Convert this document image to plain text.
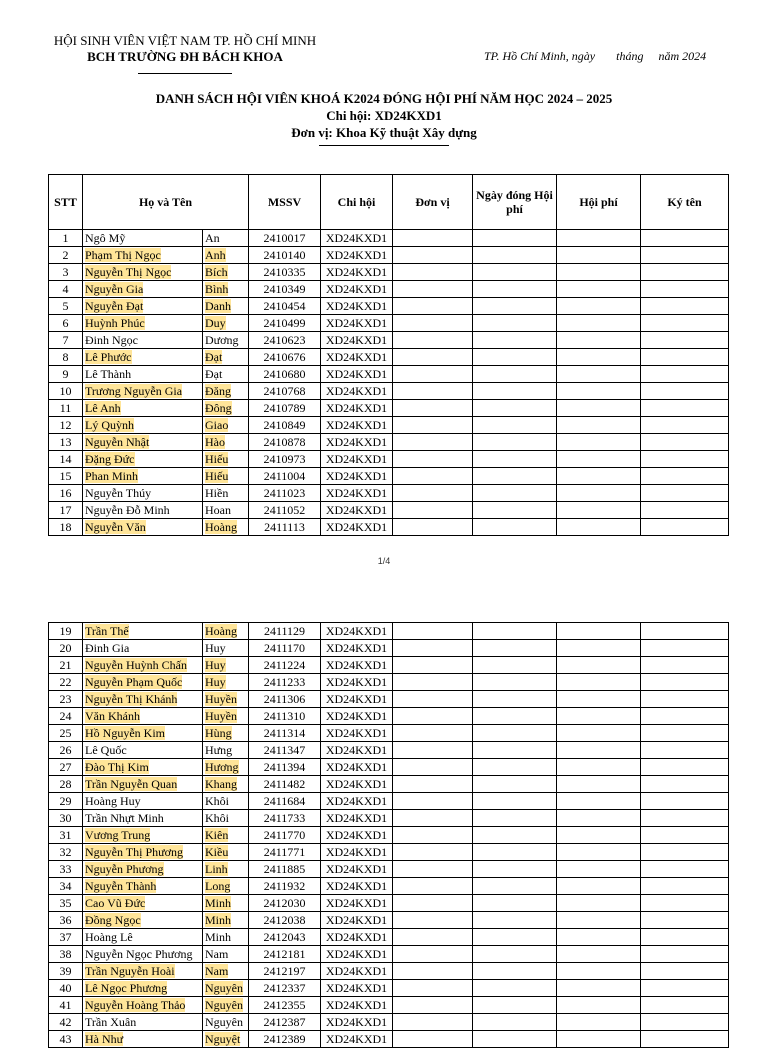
HỘI SINH VIÊN VIỆT NAM TP. HỒ CHÍ MINH
BCH TRƯỜNG ĐH BÁCH KHOA	TP. Hồ Chí Minh, ngày       tháng     năm 2024
DANH SÁCH HỘI VIÊN KHOÁ K2024 ĐÓNG HỘI PHÍ NĂM HỌC 2024 – 2025
Chi hội: XD24KXD1
Đơn vị: Khoa Kỹ thuật Xây dựng
STT	Họ và Tên		MSSV	Chi hội	Đơn vị	Ngày đóng Hội phí	Hội phí	Ký tên
1	Ngô Mỹ	An	2410017	XD24KXD1				
2	Phạm Thị Ngọc	Anh	2410140	XD24KXD1				
3	Nguyễn Thị Ngọc	Bích	2410335	XD24KXD1				
4	Nguyễn Gia	Bình	2410349	XD24KXD1				
5	Nguyễn Đạt	Danh	2410454	XD24KXD1				
6	Huỳnh Phúc	Duy	2410499	XD24KXD1				
7	Đinh Ngọc	Dương	2410623	XD24KXD1				
8	Lê Phước	Đạt	2410676	XD24KXD1				
9	Lê Thành	Đạt	2410680	XD24KXD1				
10	Trương Nguyễn Gia	Đăng	2410768	XD24KXD1				
11	Lê Anh	Đông	2410789	XD24KXD1				
12	Lý Quỳnh	Giao	2410849	XD24KXD1				
13	Nguyễn Nhật	Hào	2410878	XD24KXD1				
14	Đặng Đức	Hiếu	2410973	XD24KXD1				
15	Phan Minh	Hiếu	2411004	XD24KXD1				
16	Nguyễn Thúy	Hiền	2411023	XD24KXD1				
17	Nguyễn Đỗ Minh	Hoan	2411052	XD24KXD1				
18	Nguyễn Văn	Hoàng	2411113	XD24KXD1				
1/4
19	Trần Thế	Hoàng	2411129	XD24KXD1				
20	Đinh Gia	Huy	2411170	XD24KXD1				
21	Nguyễn Huỳnh Chấn	Huy	2411224	XD24KXD1				
22	Nguyễn Phạm Quốc	Huy	2411233	XD24KXD1				
23	Nguyễn Thị Khánh	Huyền	2411306	XD24KXD1				
24	Văn Khánh	Huyền	2411310	XD24KXD1				
25	Hồ Nguyễn Kim	Hùng	2411314	XD24KXD1				
26	Lê Quốc	Hưng	2411347	XD24KXD1				
27	Đào Thị Kim	Hương	2411394	XD24KXD1				
28	Trần Nguyễn Quan	Khang	2411482	XD24KXD1				
29	Hoàng Huy	Khôi	2411684	XD24KXD1				
30	Trần Nhựt Minh	Khôi	2411733	XD24KXD1				
31	Vương Trung	Kiên	2411770	XD24KXD1				
32	Nguyễn Thị Phương	Kiều	2411771	XD24KXD1				
33	Nguyễn Phương	Linh	2411885	XD24KXD1				
34	Nguyễn Thành	Long	2411932	XD24KXD1				
35	Cao Vũ Đức	Minh	2412030	XD24KXD1				
36	Đồng Ngọc	Minh	2412038	XD24KXD1				
37	Hoàng Lê	Minh	2412043	XD24KXD1				
38	Nguyễn Ngọc Phương	Nam	2412181	XD24KXD1				
39	Trần Nguyễn Hoài	Nam	2412197	XD24KXD1				
40	Lê Ngọc Phương	Nguyên	2412337	XD24KXD1				
41	Nguyễn Hoàng Thảo	Nguyên	2412355	XD24KXD1				
42	Trần Xuân	Nguyên	2412387	XD24KXD1				
43	Hà Như	Nguyệt	2412389	XD24KXD1				
